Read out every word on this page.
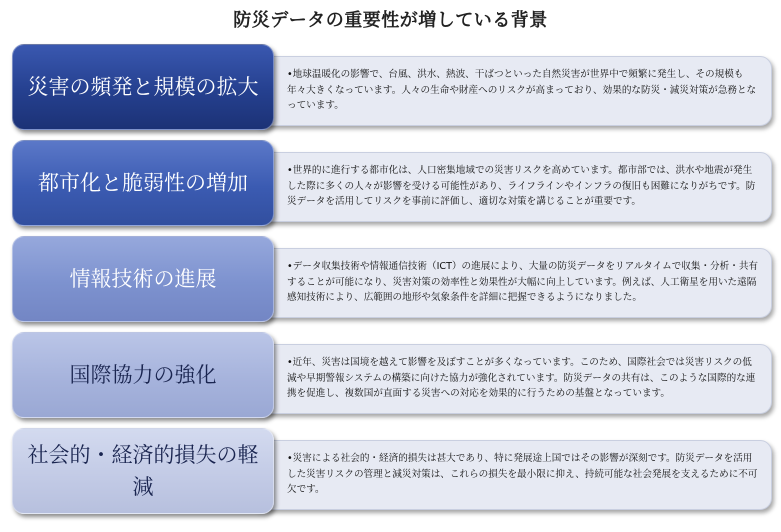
防災データの重要性が増している背景
•地球温暖化の影響で、台風、洪水、熱波、干ばつといった自然災害が世界中で頻繁に発生し、その規模も年々大きくなっています。人々の生命や財産へのリスクが高まっており、効果的な防災・減災対策が急務となっています。
災害の頻発と規模の拡大
•世界的に進行する都市化は、人口密集地域での災害リスクを高めています。都市部では、洪水や地震が発生した際に多くの人々が影響を受ける可能性があり、ライフラインやインフラの復旧も困難になりがちです。防災データを活用してリスクを事前に評価し、適切な対策を講じることが重要です。
都市化と脆弱性の増加
•データ収集技術や情報通信技術（ICT）の進展により、大量の防災データをリアルタイムで収集・分析・共有することが可能になり、災害対策の効率性と効果性が大幅に向上しています。例えば、人工衛星を用いた遠隔感知技術により、広範囲の地形や気象条件を詳細に把握できるようになりました。
情報技術の進展
•近年、災害は国境を越えて影響を及ぼすことが多くなっています。このため、国際社会では災害リスクの低減や早期警報システムの構築に向けた協力が強化されています。防災データの共有は、このような国際的な連携を促進し、複数国が直面する災害への対応を効果的に行うための基盤となっています。
国際協力の強化
•災害による社会的・経済的損失は甚大であり、特に発展途上国ではその影響が深刻です。防災データを活用した災害リスクの管理と減災対策は、これらの損失を最小限に抑え、持続可能な社会発展を支えるために不可欠です。
社会的・経済的損失の軽減
